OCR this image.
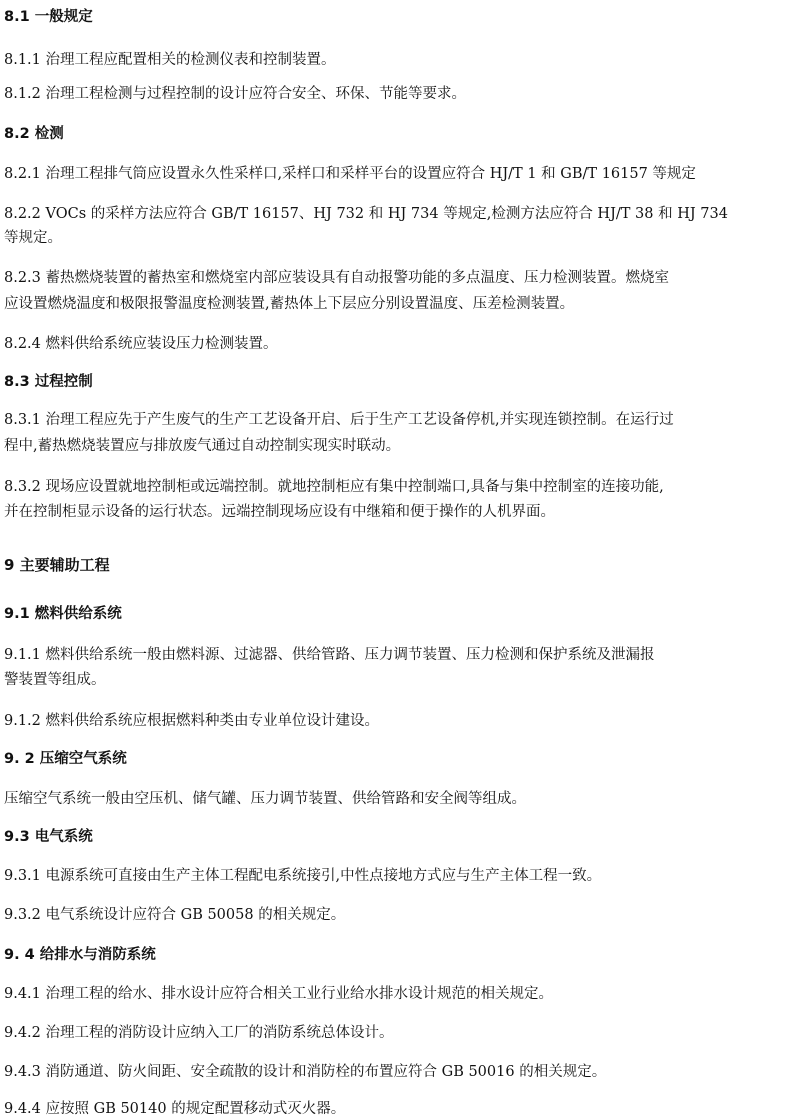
8.1 一般规定
8.1.1 治理工程应配置相关的检测仪表和控制装置。
8.1.2 治理工程检测与过程控制的设计应符合安全、环保、节能等要求。
8.2 检测
8.2.1 治理工程排气筒应设置永久性采样口,采样口和采样平台的设置应符合 HJ/T 1 和 GB/T 16157 等规定
8.2.2 VOCs 的采样方法应符合 GB/T 16157、HJ 732 和 HJ 734 等规定,检测方法应符合 HJ/T 38 和 HJ 734
等规定。
8.2.3 蓄热燃烧装置的蓄热室和燃烧室内部应装设具有自动报警功能的多点温度、压力检测装置。燃烧室
应设置燃烧温度和极限报警温度检测装置,蓄热体上下层应分别设置温度、压差检测装置。
8.2.4 燃料供给系统应装设压力检测装置。
8.3 过程控制
8.3.1 治理工程应先于产生废气的生产工艺设备开启、后于生产工艺设备停机,并实现连锁控制。在运行过
程中,蓄热燃烧装置应与排放废气通过自动控制实现实时联动。
8.3.2 现场应设置就地控制柜或远端控制。就地控制柜应有集中控制端口,具备与集中控制室的连接功能,
并在控制柜显示设备的运行状态。远端控制现场应设有中继箱和便于操作的人机界面。
9 主要辅助工程
9.1 燃料供给系统
9.1.1 燃料供给系统一般由燃料源、过滤器、供给管路、压力调节装置、压力检测和保护系统及泄漏报
警装置等组成。
9.1.2 燃料供给系统应根据燃料种类由专业单位设计建设。
9. 2 压缩空气系统
压缩空气系统一般由空压机、储气罐、压力调节装置、供给管路和安全阀等组成。
9.3 电气系统
9.3.1 电源系统可直接由生产主体工程配电系统接引,中性点接地方式应与生产主体工程一致。
9.3.2 电气系统设计应符合 GB 50058 的相关规定。
9. 4 给排水与消防系统
9.4.1 治理工程的给水、排水设计应符合相关工业行业给水排水设计规范的相关规定。
9.4.2 治理工程的消防设计应纳入工厂的消防系统总体设计。
9.4.3 消防通道、防火间距、安全疏散的设计和消防栓的布置应符合 GB 50016 的相关规定。
9.4.4 应按照 GB 50140 的规定配置移动式灭火器。
